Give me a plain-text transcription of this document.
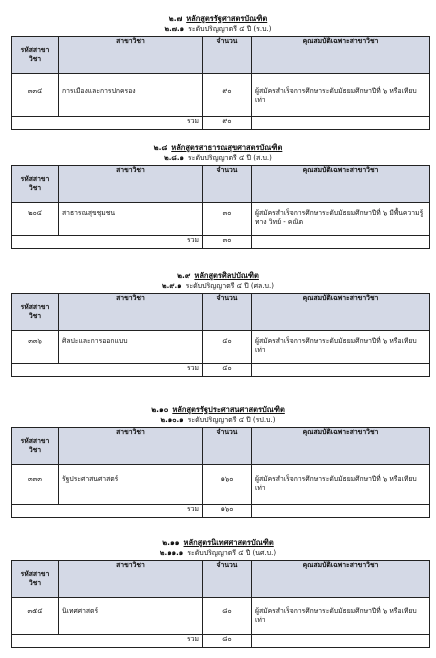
๒.๗ หลักสูตรรัฐศาสตรบัณฑิต
๒.๗.๑ ระดับปริญญาตรี ๔ ปี (ร.บ.)
รหัสสาขาวิชา	สาขาวิชา	จำนวน	คุณสมบัติเฉพาะสาขาวิชา
๓๓๔	การเมืองและการปกครอง	๙๐	ผู้สมัครสำเร็จการศึกษาระดับมัธยมศึกษาปีที่ ๖ หรือเทียบเท่า
	รวม	๙๐	
๒.๘ หลักสูตรสาธารณสุขศาสตรบัณฑิต
๒.๘.๑ ระดับปริญญาตรี ๔ ปี (ส.บ.)
รหัสสาขาวิชา	สาขาวิชา	จำนวน	คุณสมบัติเฉพาะสาขาวิชา
๒๐๔	สาธารณสุขชุมชน	๓๐	ผู้สมัครสำเร็จการศึกษาระดับมัธยมศึกษาปีที่ ๖ มีพื้นความรู้ทาง วิทย์ - คณิต
	รวม	๓๐	
๒.๙ หลักสูตรศิลปบัณฑิต
๒.๙.๑ ระดับปริญญาตรี ๔ ปี (ศล.บ.)
รหัสสาขาวิชา	สาขาวิชา	จำนวน	คุณสมบัติเฉพาะสาขาวิชา
๓๓๖	ศิลปะและการออกแบบ	๔๐	ผู้สมัครสำเร็จการศึกษาระดับมัธยมศึกษาปีที่ ๖ หรือเทียบเท่า
	รวม	๔๐	
๒.๑๐ หลักสูตรรัฐประศาสนศาสตรบัณฑิต
๒.๑๐.๑ ระดับปริญญาตรี ๔ ปี (รป.บ.)
รหัสสาขาวิชา	สาขาวิชา	จำนวน	คุณสมบัติเฉพาะสาขาวิชา
๓๓๓	รัฐประศาสนศาสตร์	๑๖๐	ผู้สมัครสำเร็จการศึกษาระดับมัธยมศึกษาปีที่ ๖ หรือเทียบเท่า
	รวม	๑๖๐	
๒.๑๑ หลักสูตรนิเทศศาสตรบัณฑิต
๒.๑๑.๑ ระดับปริญญาตรี ๔ ปี (นศ.บ.)
รหัสสาขาวิชา	สาขาวิชา	จำนวน	คุณสมบัติเฉพาะสาขาวิชา
๓๕๔	นิเทศศาสตร์	๘๐	ผู้สมัครสำเร็จการศึกษาระดับมัธยมศึกษาปีที่ ๖ หรือเทียบเท่า
	รวม	๘๐	
